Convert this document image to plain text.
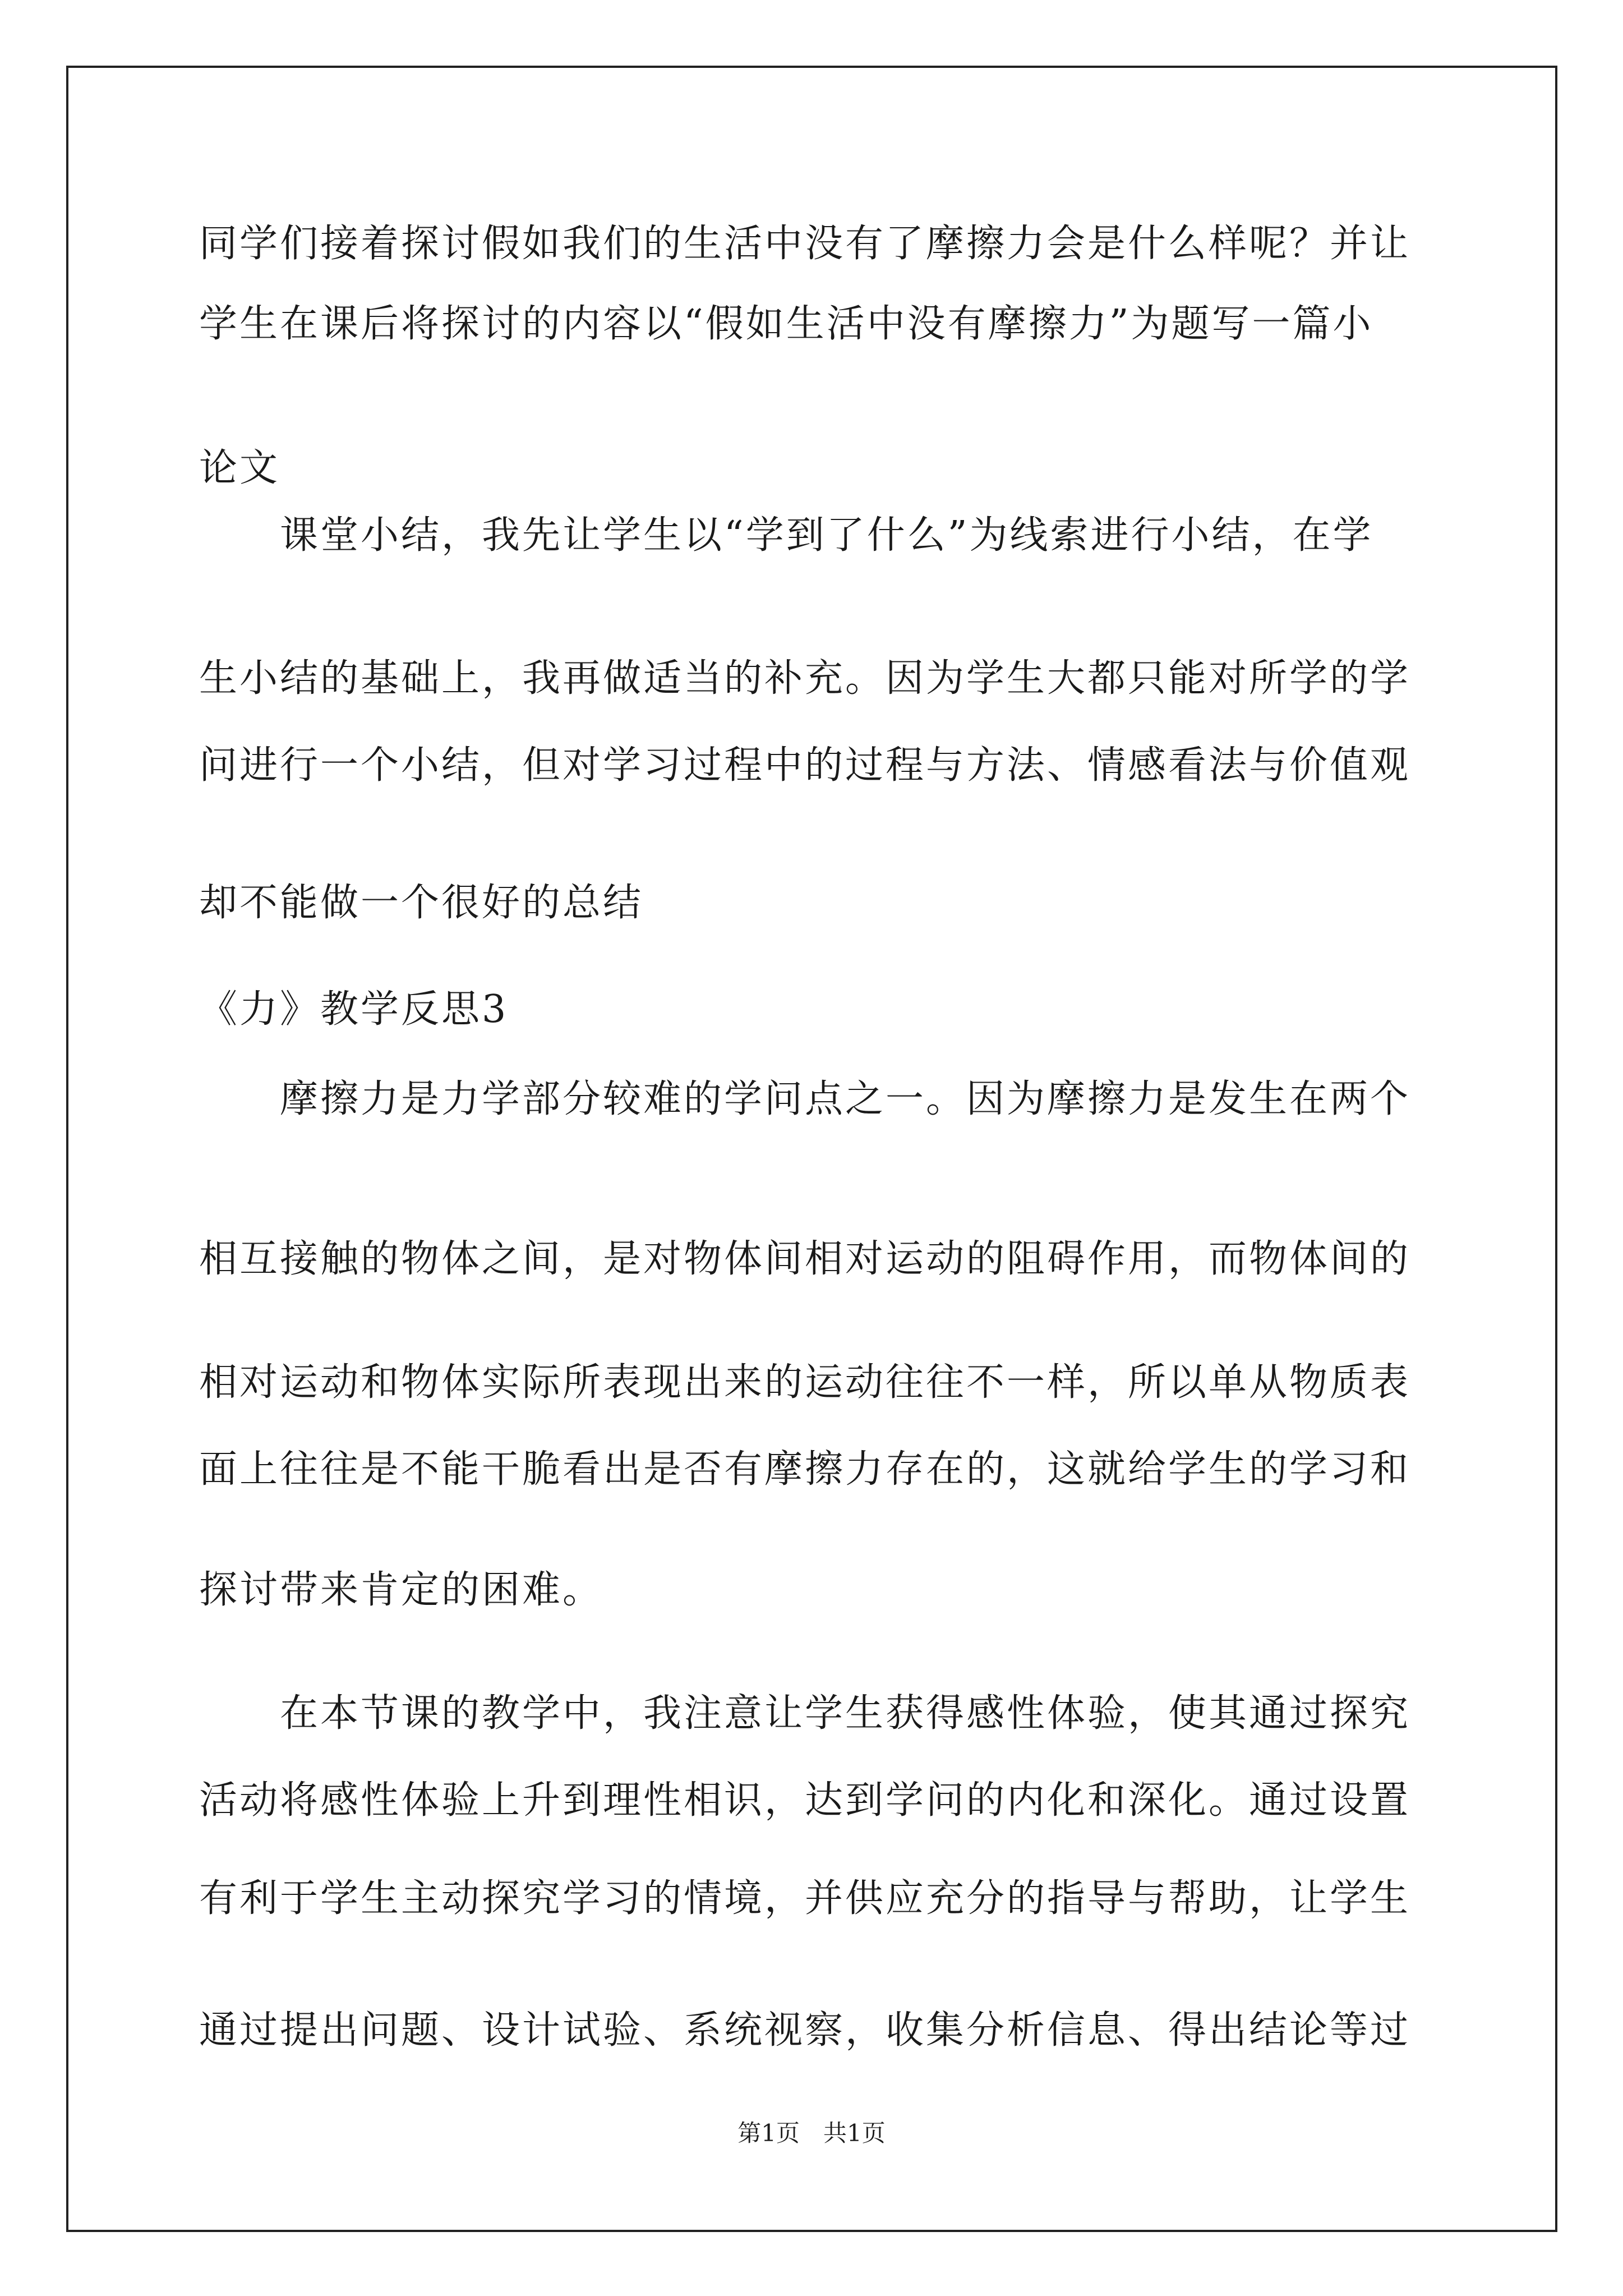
同学们接着探讨假如我们的生活中没有了摩擦力会是什么样呢？并让
学生在课后将探讨的内容以“假如生活中没有摩擦力”为题写一篇小
论文
　　课堂小结，我先让学生以“学到了什么”为线索进行小结，在学
生小结的基础上，我再做适当的补充。因为学生大都只能对所学的学
问进行一个小结，但对学习过程中的过程与方法、情感看法与价值观
却不能做一个很好的总结
《力》教学反思3
　　摩擦力是力学部分较难的学问点之一。因为摩擦力是发生在两个
相互接触的物体之间，是对物体间相对运动的阻碍作用，而物体间的
相对运动和物体实际所表现出来的运动往往不一样，所以单从物质表
面上往往是不能干脆看出是否有摩擦力存在的，这就给学生的学习和
探讨带来肯定的困难。
　　在本节课的教学中，我注意让学生获得感性体验，使其通过探究
活动将感性体验上升到理性相识，达到学问的内化和深化。通过设置
有利于学生主动探究学习的情境，并供应充分的指导与帮助，让学生
通过提出问题、设计试验、系统视察，收集分析信息、得出结论等过
第1页　共1页
